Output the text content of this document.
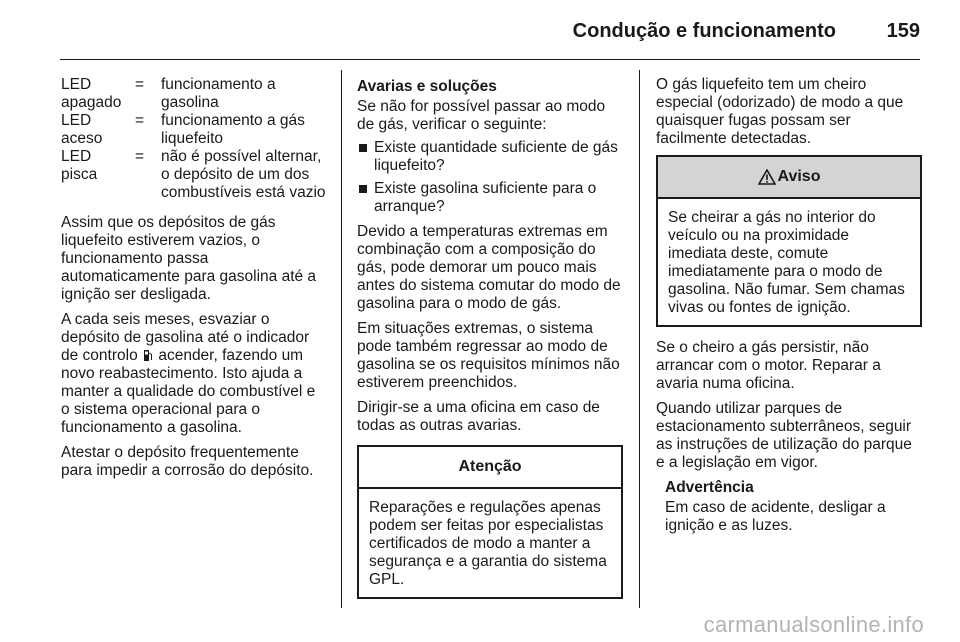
Condução e funcionamento	159
LED
apagado
=	funcionamento a gasolina
LED
aceso
=	funcionamento a gás liquefeito
LED
pisca
=	não é possível alternar, o depósito de um dos combustíveis está vazio

Assim que os depósitos de gás liquefeito estiverem vazios, o funcionamento passa automaticamente para gasolina até a ignição ser desligada.

A cada seis meses, esvaziar o depósito de gasolina até o indicador de controlo acender, fazendo um novo reabastecimento. Isto ajuda a manter a qualidade do combustível e o sistema operacional para o funcionamento a gasolina.

Atestar o depósito frequentemente para impedir a corrosão do depósito.

Avarias e soluções

Se não for possível passar ao modo de gás, verificar o seguinte:

Existe quantidade suficiente de gás liquefeito?
Existe gasolina suficiente para o arranque?

Devido a temperaturas extremas em combinação com a composição do gás, pode demorar um pouco mais antes do sistema comutar do modo de gasolina para o modo de gás.

Em situações extremas, o sistema pode também regressar ao modo de gasolina se os requisitos mínimos não estiverem preenchidos.

Dirigir-se a uma oficina em caso de todas as outras avarias.

Atenção
Reparações e regulações apenas podem ser feitas por especialistas certificados de modo a manter a segurança e a garantia do sistema GPL.

O gás liquefeito tem um cheiro especial (odorizado) de modo a que quaisquer fugas possam ser facilmente detectadas.

Aviso
Se cheirar a gás no interior do veículo ou na proximidade imediata deste, comute imediatamente para o modo de gasolina. Não fumar. Sem chamas vivas ou fontes de ignição.

Se o cheiro a gás persistir, não arrancar com o motor. Reparar a avaria numa oficina.

Quando utilizar parques de estacionamento subterrâneos, seguir as instruções de utilização do parque e a legislação em vigor.

Advertência
Em caso de acidente, desligar a ignição e as luzes.
carmanualsonline.info
